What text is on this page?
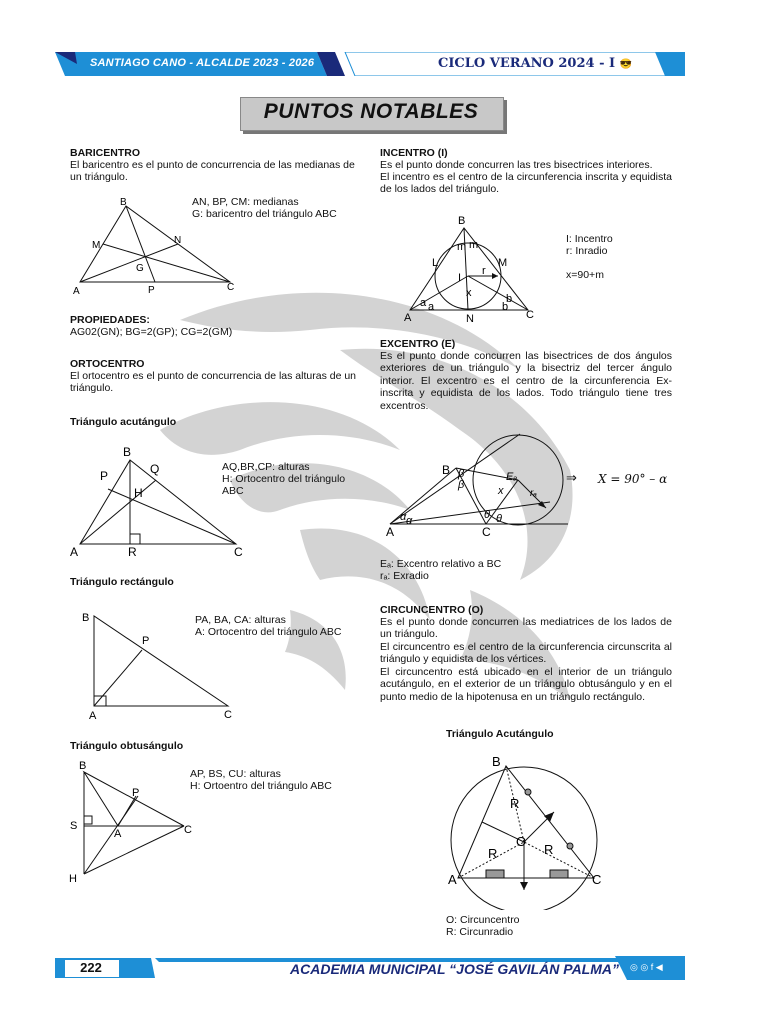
SANTIAGO CANO - ALCALDE 2023 - 2026	CICLO VERANO 2024 - I 😎
PUNTOS NOTABLES
BARICENTRO
El baricentro es el punto de concurrencia de las medianas de un triángulo.
AN, BP, CM: medianas
G: baricentro del triángulo ABC
B
A	C
M	N
P
G
PROPIEDADES:
AG02(GN); BG=2(GP); CG=2(GM)
ORTOCENTRO
El ortocentro es el punto de concurrencia de las alturas de un triángulo.
Triángulo acutángulo
AQ,BR,CP: alturas
H: Ortocentro del triángulo
ABC
B
A	C
P	Q
H
R
Triángulo rectángulo
PA, BA, CA: alturas
A: Ortocentro del triángulo ABC
B
A	C
P
Triángulo obtusángulo
AP, BS, CU: alturas
H: Ortoentro del triángulo ABC
B
P
S
A	C
H
INCENTRO (I)
Es el punto donde concurren las tres bisectrices interiores.
El incentro es el centro de la circunferencia inscrita y equidista de los lados del triángulo.
I: Incentro
r: Inradio
x=90+m
B
m m
L	M
I
r
x
a a
b
b
A	N	C
EXCENTRO (E)
Es el punto donde concurren las bisectrices de dos ángulos exteriores de un triángulo y la bisectriz del tercer ángulo interior. El excentro es el centro de la circunferencia Ex-inscrita y equidista de los lados. Todo triángulo tiene tres excentros.
B β
β
Eₐ
x	rₐ
α α	θ θ
A	C
⇒ X = 90° – α
Eₐ: Excentro relativo a BC
rₐ: Exradio
CIRCUNCENTRO (O)
Es el punto donde concurren las mediatrices de los lados de un triángulo.
El circuncentro es el centro de la circunferencia circunscrita al triángulo y equidista de los vértices.
El circuncentro está ubicado en el interior de un triángulo acutángulo, en el exterior de un triángulo obtusángulo y en el punto medio de la hipotenusa en un triángulo rectángulo.
Triángulo Acutángulo
B
R
O
R	R
A	C
O: Circuncentro
R: Circunradio
222	ACADEMIA MUNICIPAL “JOSÉ GAVILÁN PALMA” ◎ ◎ f ◀
